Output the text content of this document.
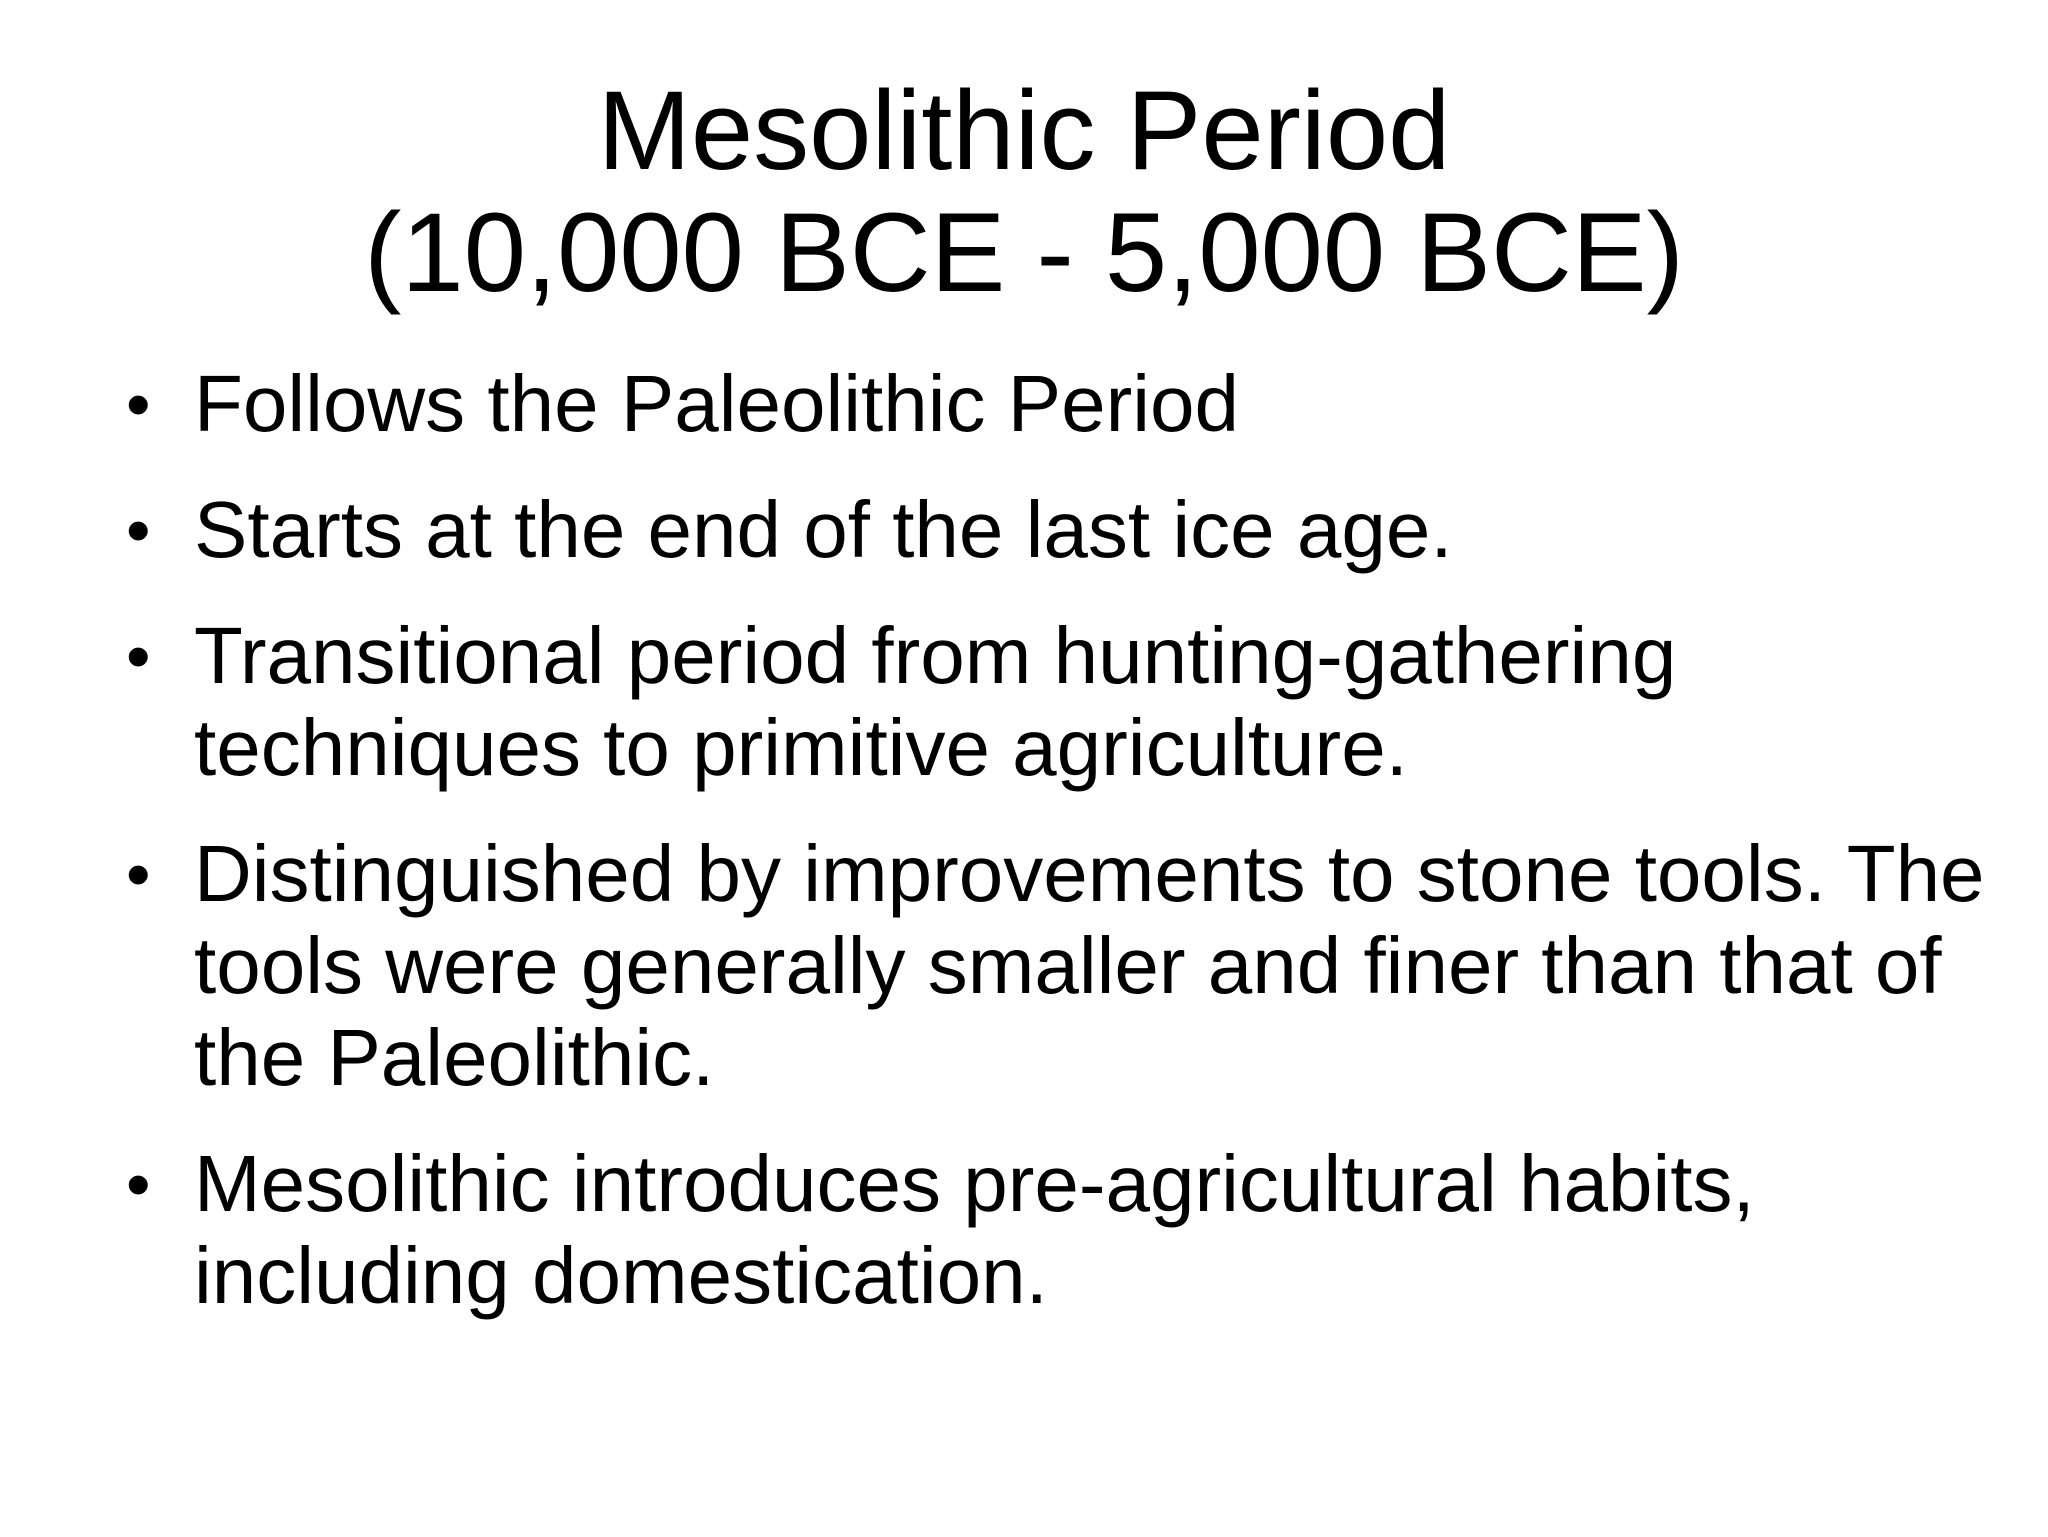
Mesolithic Period
(10,000 BCE - 5,000 BCE)
• Follows the Paleolithic Period
• Starts at the end of the last ice age.
• Transitional period from hunting-gathering techniques to primitive agriculture.
• Distinguished by improvements to stone tools. The tools were generally smaller and finer than that of the Paleolithic.
• Mesolithic introduces pre-agricultural habits, including domestication.
